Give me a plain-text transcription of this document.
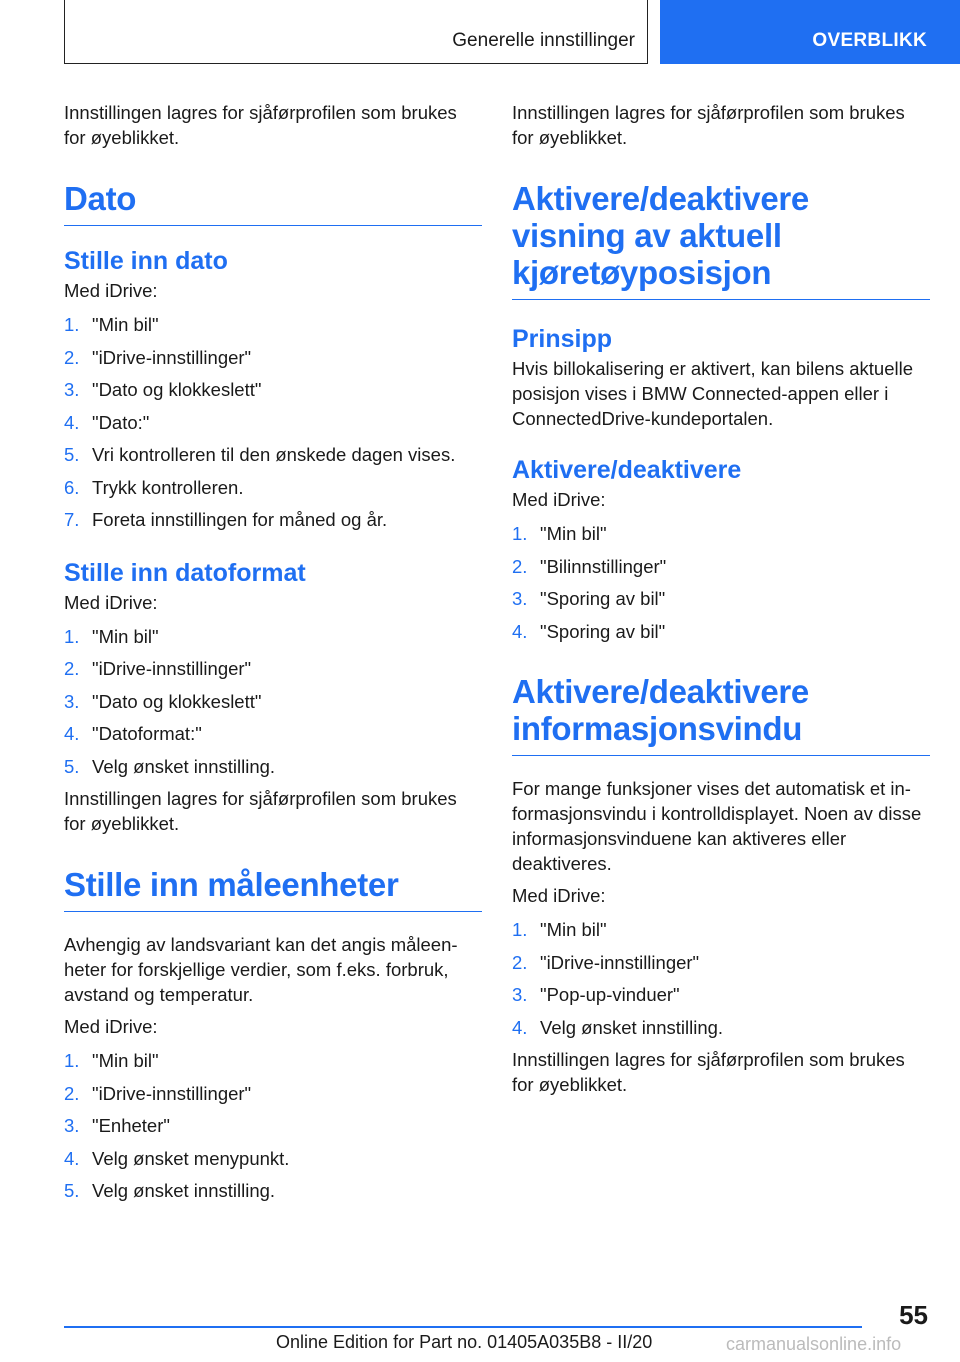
Generelle innstillinger	OVERBLIKK

Innstillingen lagres for sjåførprofilen som brukes for øyeblikket.

Dato
Stille inn dato

Med iDrive:

1. "Min bil"
2. "iDrive-innstillinger"
3. "Dato og klokkeslett"
4. "Dato:"
5. Vri kontrolleren til den ønskede dagen vises.
6. Trykk kontrolleren.
7. Foreta innstillingen for måned og år.
Stille inn datoformat

Med iDrive:

1. "Min bil"
2. "iDrive-innstillinger"
3. "Dato og klokkeslett"
4. "Datoformat:"
5. Velg ønsket innstilling.

Innstillingen lagres for sjåførprofilen som brukes for øyeblikket.

Stille inn måleenheter

Avhengig av landsvariant kan det angis måleen-heter for forskjellige verdier, som f.eks. forbruk, avstand og temperatur.

Med iDrive:

1. "Min bil"
2. "iDrive-innstillinger"
3. "Enheter"
4. Velg ønsket menypunkt.
5. Velg ønsket innstilling.

Innstillingen lagres for sjåførprofilen som brukes for øyeblikket.

Aktivere/deaktivere visning av aktuell kjøretøyposisjon
Prinsipp

Hvis billokalisering er aktivert, kan bilens aktuelle posisjon vises i BMW Connected-appen eller i ConnectedDrive-kundeportalen.

Aktivere/deaktivere

Med iDrive:

1. "Min bil"
2. "Bilinnstillinger"
3. "Sporing av bil"
4. "Sporing av bil"
Aktivere/deaktivere informasjonsvindu

For mange funksjoner vises det automatisk et in-formasjonsvindu i kontrolldisplayet. Noen av disse informasjonsvinduene kan aktiveres eller deaktiveres.

Med iDrive:

1. "Min bil"
2. "iDrive-innstillinger"
3. "Pop-up-vinduer"
4. Velg ønsket innstilling.

Innstillingen lagres for sjåførprofilen som brukes for øyeblikket.

55
Online Edition for Part no. 01405A035B8 - II/20	carmanualsonline.info
